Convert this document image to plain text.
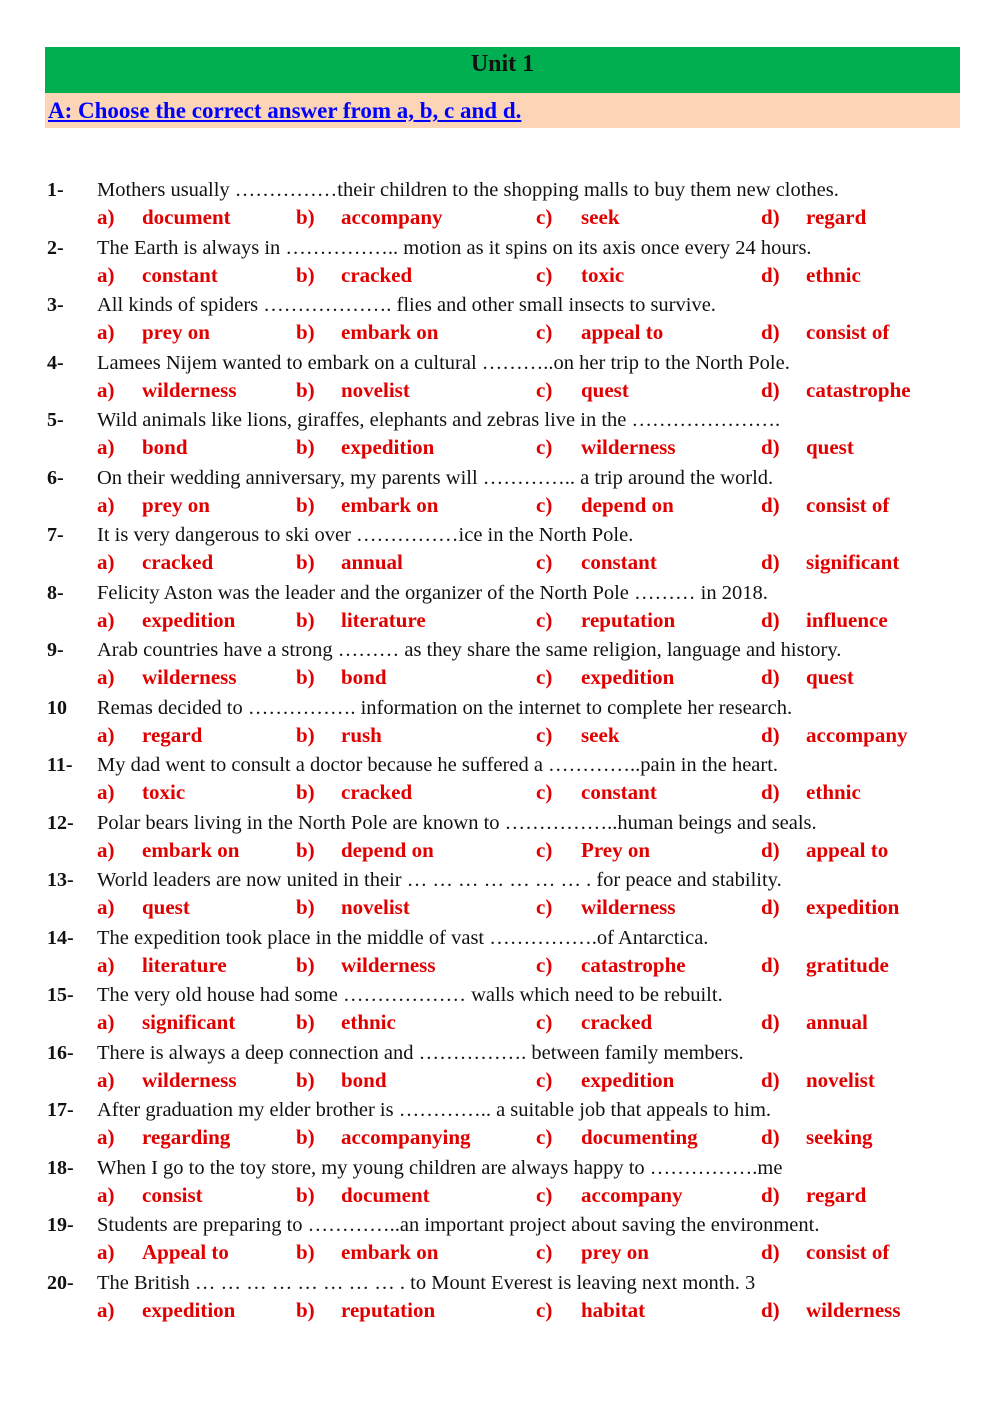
Unit 1
A: Choose the correct answer from a, b, c and d.
1- Mothers usually ……………their children to the shopping malls to buy them new clothes.
a) document	b) accompany	c) seek	d) regard
2- The Earth is always in …………….. motion as it spins on its axis once every 24 hours.
a) constant	b) cracked	c) toxic	d) ethnic
3- All kinds of spiders ………………. flies and other small insects to survive.
a) prey on	b) embark on	c) appeal to	d) consist of
4- Lamees Nijem wanted to embark on a cultural ………..on her trip to the North Pole.
a) wilderness	b) novelist	c) quest	d) catastrophe
5- Wild animals like lions, giraffes, elephants and zebras live in the ………………….
a) bond	b) expedition	c) wilderness	d) quest
6- On their wedding anniversary, my parents will ………….. a trip around the world.
a) prey on	b) embark on	c) depend on	d) consist of
7- It is very dangerous to ski over ……………ice in the North Pole.
a) cracked	b) annual	c) constant	d) significant
8- Felicity Aston was the leader and the organizer of the North Pole ……… in 2018.
a) expedition	b) literature	c) reputation	d) influence
9- Arab countries have a strong ……… as they share the same religion, language and history.
a) wilderness	b) bond	c) expedition	d) quest
10 Remas decided to ……………. information on the internet to complete her research.
a) regard	b) rush	c) seek	d) accompany
11- My dad went to consult a doctor because he suffered a …………..pain in the heart.
a) toxic	b) cracked	c) constant	d) ethnic
12- Polar bears living in the North Pole are known to ……………..human beings and seals.
a) embark on	b) depend on	c) Prey on	d) appeal to
13- World leaders are now united in their … … … … … … … . for peace and stability.
a) quest	b) novelist	c) wilderness	d) expedition
14- The expedition took place in the middle of vast …………….of Antarctica.
a) literature	b) wilderness	c) catastrophe	d) gratitude
15- The very old house had some ……………… walls which need to be rebuilt.
a) significant	b) ethnic	c) cracked	d) annual
16- There is always a deep connection and ……………. between family members.
a) wilderness	b) bond	c) expedition	d) novelist
17- After graduation my elder brother is ………….. a suitable job that appeals to him.
a) regarding	b) accompanying	c) documenting	d) seeking
18- When I go to the toy store, my young children are always happy to …………….me
a) consist	b) document	c) accompany	d) regard
19- Students are preparing to …………..an important project about saving the environment.
a) Appeal to	b) embark on	c) prey on	d) consist of
20- The British … … … … … … … … . to Mount Everest is leaving next month. 3
a) expedition	b) reputation	c) habitat	d) wilderness
